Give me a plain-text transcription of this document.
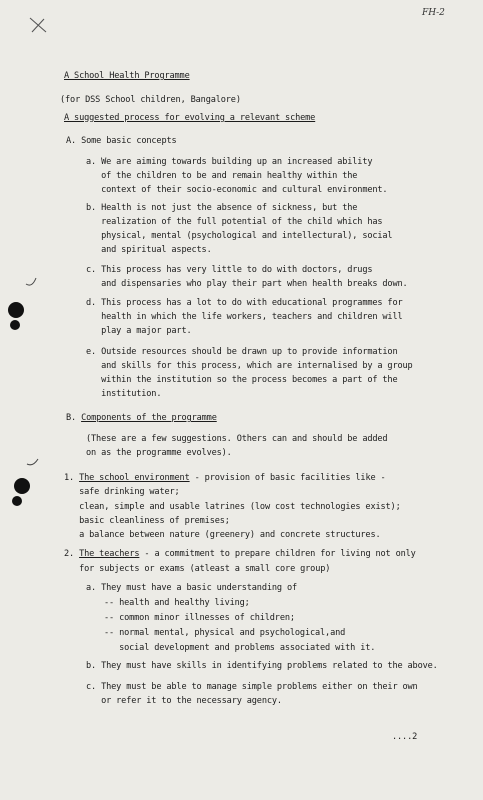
FH-2
A School Health Programme
(for DSS School children, Bangalore)
A suggested process for evolving a relevant scheme
A. Some basic concepts
a. We are aiming towards building up an increased ability
of the children to be and remain healthy within the
context of their socio-economic and cultural environment.
b. Health is not just the absence of sickness, but the
realization of the full potential of the child which has
physical, mental (psychological and intellectural), social
and spiritual aspects.
c. This process has very little to do with doctors, drugs
and dispensaries who play their part when health breaks down.
d. This process has a lot to do with educational programmes for
health in which the life workers, teachers and children will
play a major part.
e. Outside resources should be drawn up to provide information
and skills for this process, which are internalised by a group
within the institution so the process becomes a part of the
institution.
B. Components of the programme
(These are a few suggestions. Others can and should be added
on as the programme evolves).
1. The school environment - provision of basic facilities like -
safe drinking water;
clean, simple and usable latrines (low cost technologies exist);
basic cleanliness of premises;
a balance between nature (greenery) and concrete structures.
2. The teachers - a commitment to prepare children for living not only
for subjects or exams (atleast a small core group)
a. They must have a basic understanding of
-- health and healthy living;
-- common minor illnesses of children;
-- normal mental, physical and psychological,and
social development and problems associated with it.
b. They must have skills in identifying problems related to the above.
c. They must be able to manage simple problems either on their own
or refer it to the necessary agency.
....2
